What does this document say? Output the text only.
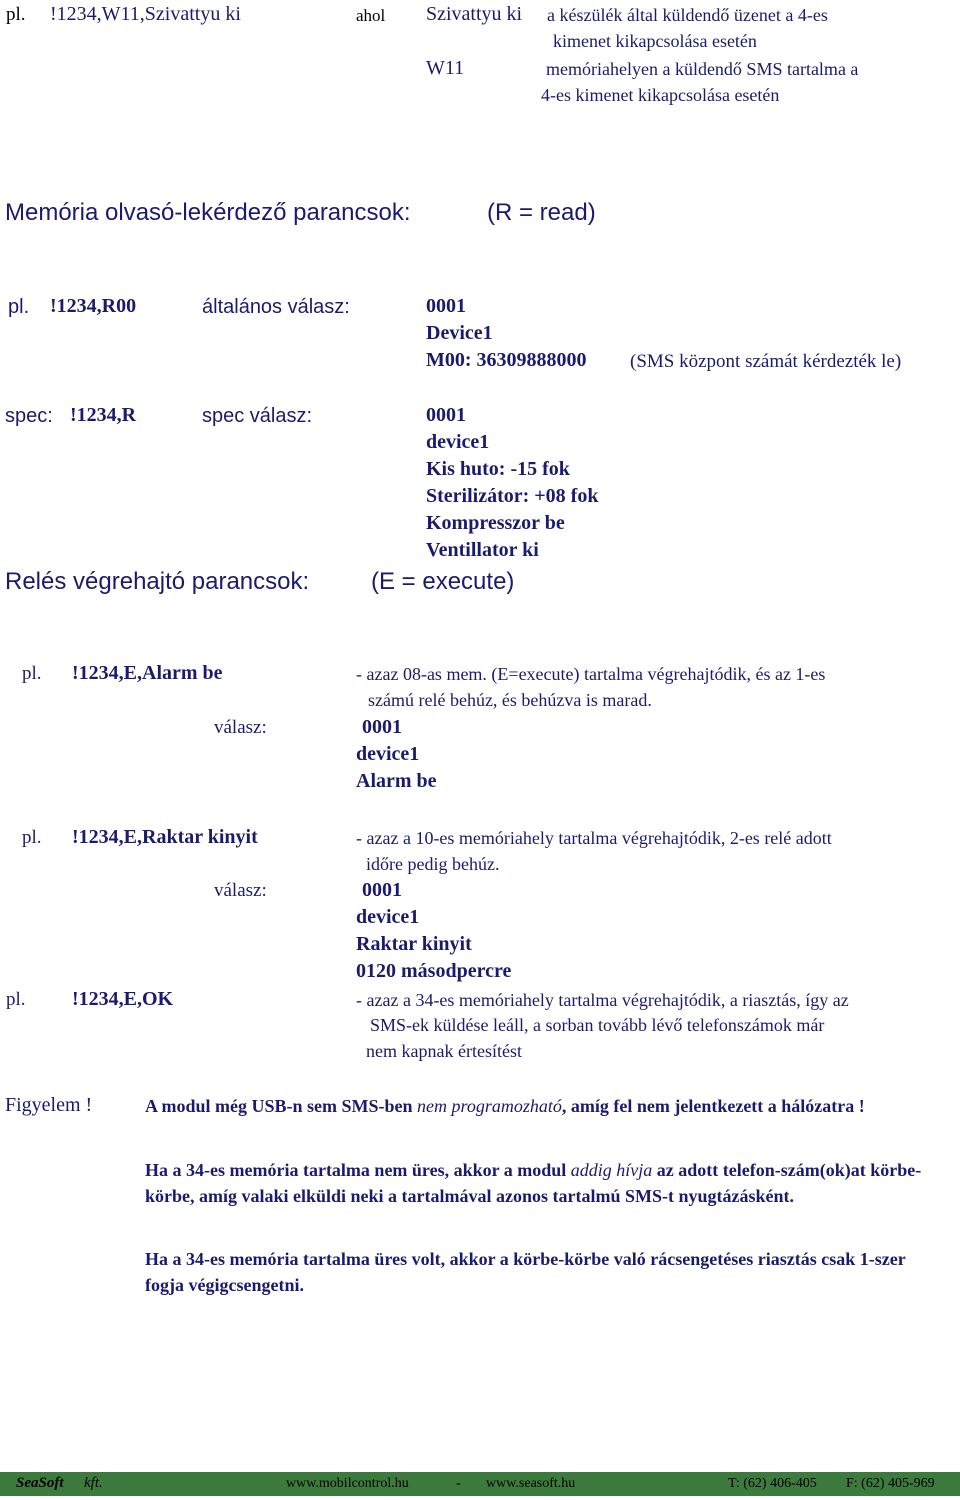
pl. !1234,W11,Szivattyu ki	ahol Szivattyu ki a készülék által küldendő üzenet a 4-es
kimenet kikapcsolása esetén
W11	memóriahelyen a küldendő SMS tartalma a
4-es kimenet kikapcsolása esetén
Memória olvasó-lekérdező parancsok:	(R = read)
pl. !1234,R00	általános válasz:	0001
Device1
M00: 36309888000 (SMS központ számát kérdezték le)
spec: !1234,R	spec válasz:	0001
device1
Kis huto: -15 fok
Sterilizátor: +08 fok
Kompresszor be
Ventillator ki
Relés végrehajtó parancsok:	(E = execute)
pl. !1234,E,Alarm be	- azaz 08-as mem. (E=execute) tartalma végrehajtódik, és az 1-es
számú relé behúz, és behúzva is marad.
válasz:	0001
device1
Alarm be
pl. !1234,E,Raktar kinyit	- azaz a 10-es memóriahely tartalma végrehajtódik, 2-es relé adott
időre pedig behúz.
válasz:	0001
device1
Raktar kinyit
0120 másodpercre
pl. !1234,E,OK	- azaz a 34-es memóriahely tartalma végrehajtódik, a riasztás, így az
SMS-ek küldése leáll, a sorban tovább lévő telefonszámok már
nem kapnak értesítést
Figyelem !	A modul még USB-n sem SMS-ben nem programozható, amíg fel nem jelentkezett a hálózatra !
Ha a 34-es memória tartalma nem üres, akkor a modul addig hívja az adott telefon-szám(ok)at körbe-körbe, amíg valaki elküldi neki a tartalmával azonos tartalmú SMS-t nyugtázásként.
Ha a 34-es memória tartalma üres volt, akkor a körbe-körbe való rácsengetéses riasztás csak 1-szer fogja végigcsengetni.
SeaSoft kft.	www.mobilcontrol.hu	- www.seasoft.hu	T: (62) 406-405 F: (62) 405-969
